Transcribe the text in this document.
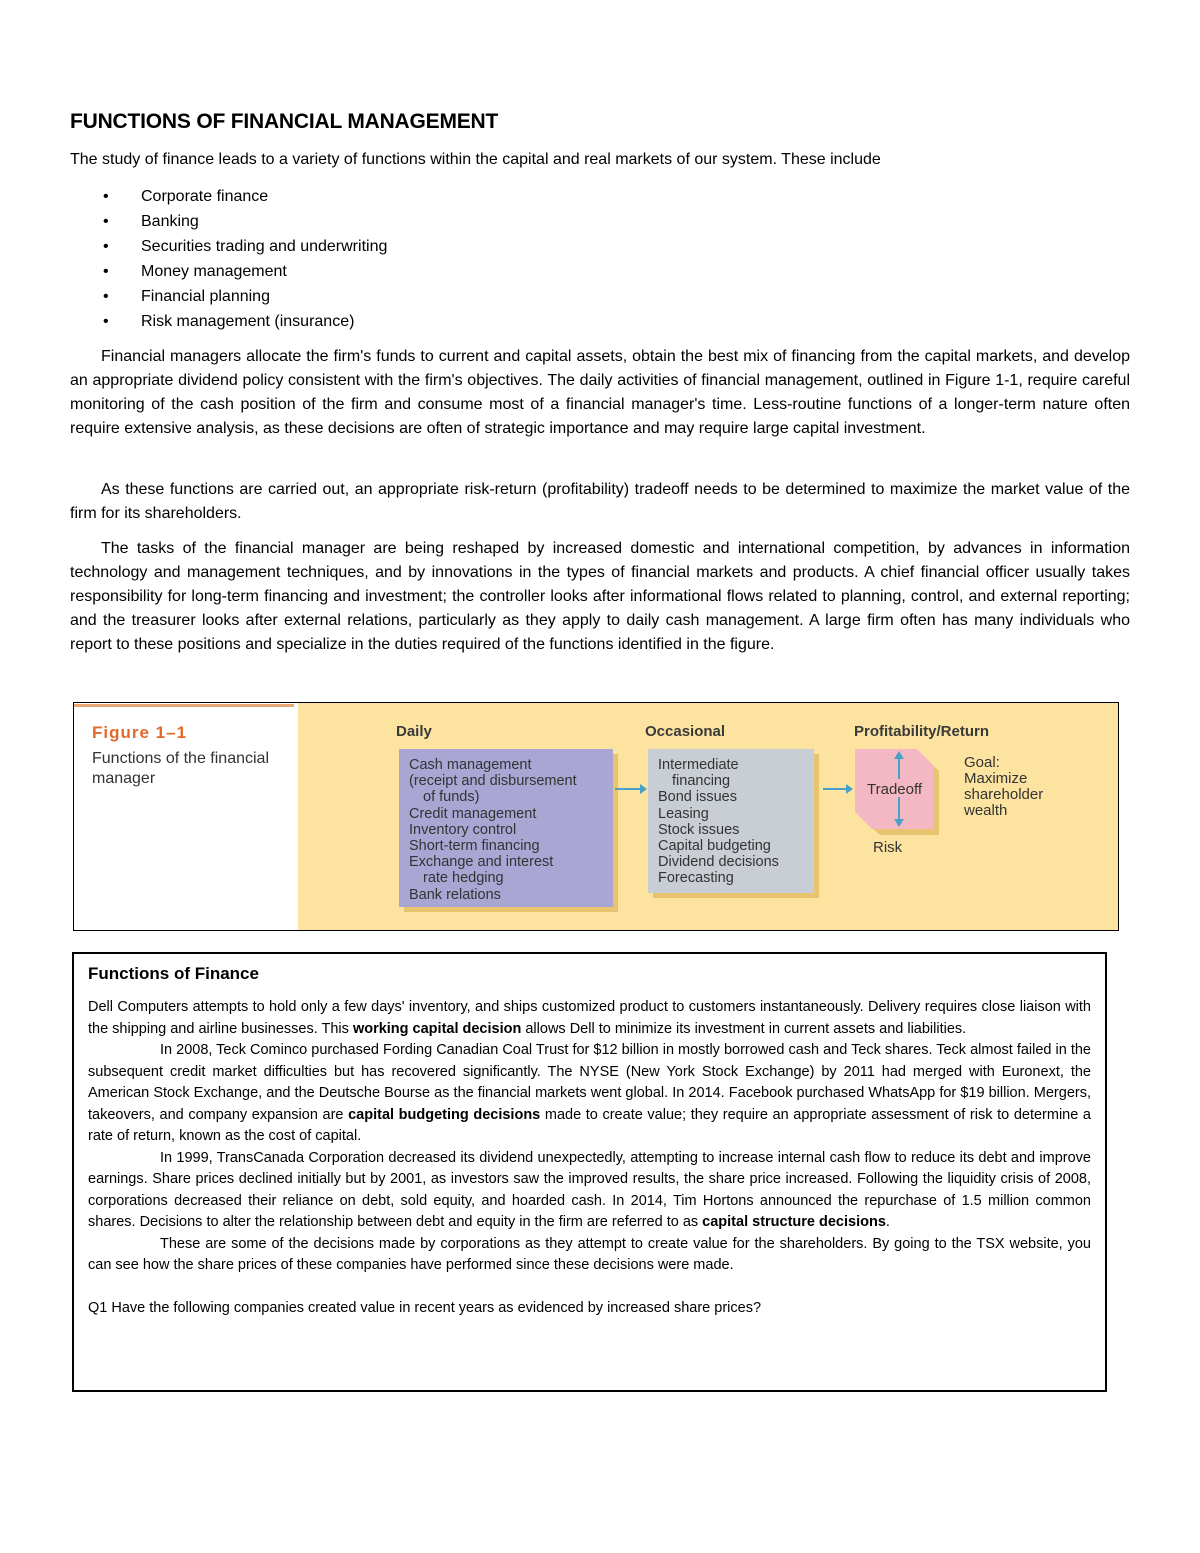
FUNCTIONS OF FINANCIAL MANAGEMENT
The study of finance leads to a variety of functions within the capital and real markets of our system. These include
• Corporate finance
• Banking
• Securities trading and underwriting
• Money management
• Financial planning
• Risk management (insurance)

Financial managers allocate the firm's funds to current and capital assets, obtain the best mix of financing from the capital markets, and develop an appropriate dividend policy consistent with the firm's objectives. The daily activities of financial management, outlined in Figure 1-1, require careful monitoring of the cash position of the firm and consume most of a financial manager's time. Less-routine functions of a longer-term nature often require extensive analysis, as these decisions are often of strategic importance and may require large capital investment.

As these functions are carried out, an appropriate risk-return (profitability) tradeoff needs to be determined to maximize the market value of the firm for its shareholders.

The tasks of the financial manager are being reshaped by increased domestic and international competition, by advances in information technology and management techniques, and by innovations in the types of financial markets and products. A chief financial officer usually takes responsibility for long-term financing and investment; the controller looks after informational flows related to planning, control, and external reporting; and the treasurer looks after external relations, particularly as they apply to daily cash management. A large firm often has many individuals who report to these positions and specialize in the duties required of the functions identified in the figure.

Figure 1–1
Functions of the financial manager
Daily	Occasional	Profitability/Return
Cash management
(receipt and disbursement
of funds)
Credit management
Inventory control
Short-term financing
Exchange and interest
rate hedging
Bank relations
Intermediate
financing
Bond issues
Leasing
Stock issues
Capital budgeting
Dividend decisions
Forecasting
Tradeoff
Risk
Goal:
Maximize
shareholder
wealth
Functions of Finance

Dell Computers attempts to hold only a few days' inventory, and ships customized product to customers instantaneously. Delivery requires close liaison with the shipping and airline businesses. This working capital decision allows Dell to minimize its investment in current assets and liabilities.

In 2008, Teck Cominco purchased Fording Canadian Coal Trust for $12 billion in mostly borrowed cash and Teck shares. Teck almost failed in the subsequent credit market difficulties but has recovered significantly. The NYSE (New York Stock Exchange) by 2011 had merged with Euronext, the American Stock Exchange, and the Deutsche Bourse as the financial markets went global. In 2014. Facebook purchased WhatsApp for $19 billion. Mergers, takeovers, and company expansion are capital budgeting decisions made to create value; they require an appropriate assessment of risk to determine a rate of return, known as the cost of capital.

In 1999, TransCanada Corporation decreased its dividend unexpectedly, attempting to increase internal cash flow to reduce its debt and improve earnings. Share prices declined initially but by 2001, as investors saw the improved results, the share price increased. Following the liquidity crisis of 2008, corporations decreased their reliance on debt, sold equity, and hoarded cash. In 2014, Tim Hortons announced the repurchase of 1.5 million common shares. Decisions to alter the relationship between debt and equity in the firm are referred to as capital structure decisions.

These are some of the decisions made by corporations as they attempt to create value for the shareholders. By going to the TSX website, you can see how the share prices of these companies have performed since these decisions were made.

Q1 Have the following companies created value in recent years as evidenced by increased share prices?
